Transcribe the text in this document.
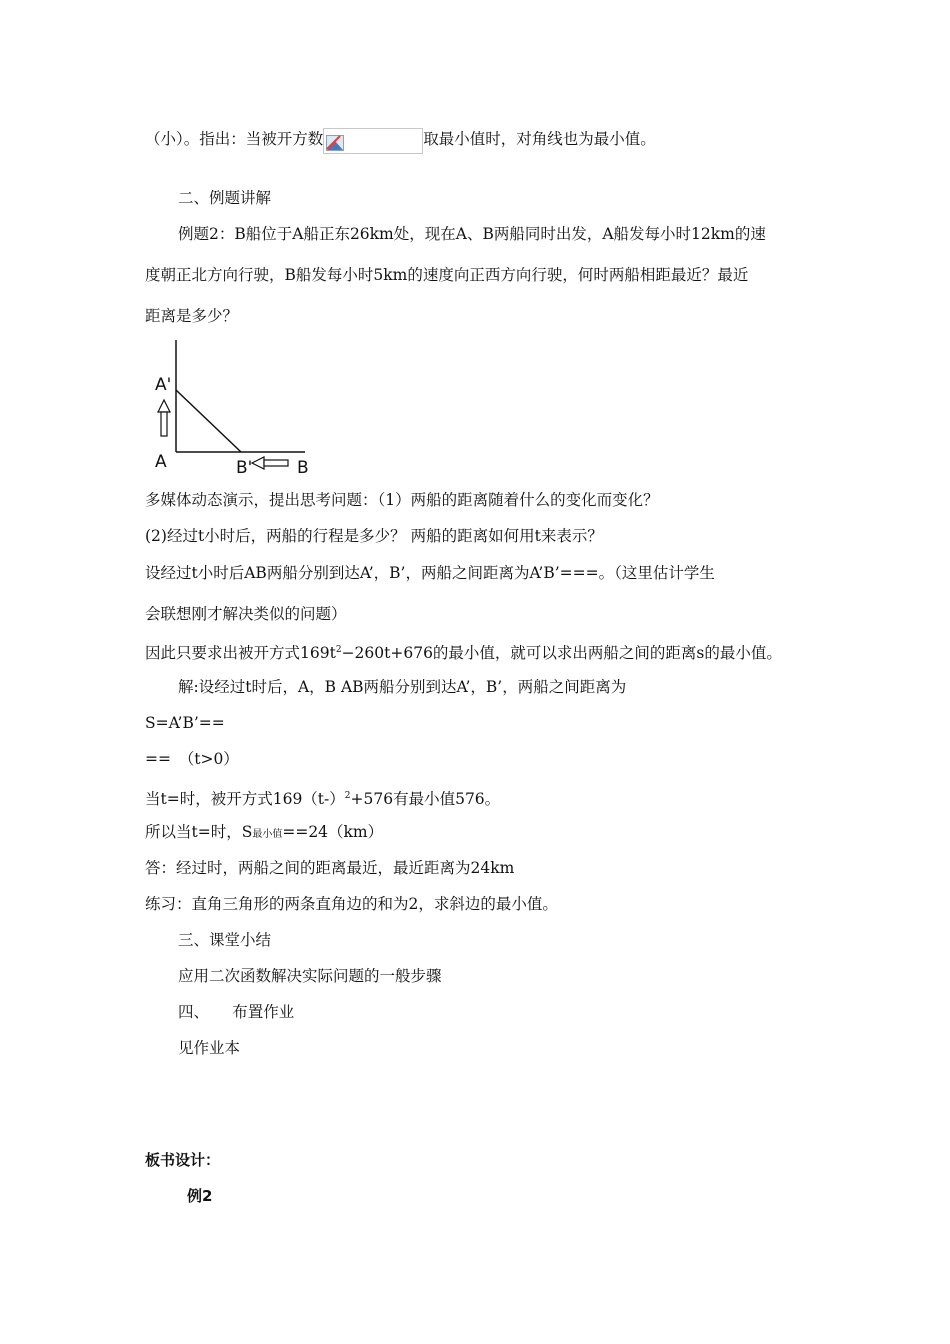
（小）。指出：当被开方数	取最小值时，对角线也为最小值。

二、例题讲解

例题2：B船位于A船正东26km处，现在A、B两船同时出发，A船发每小时12km的速

度朝正北方向行驶，B船发每小时5km的速度向正西方向行驶，何时两船相距最近？最近

距离是多少？

A'
A	B'	B

多媒体动态演示，提出思考问题：（1）两船的距离随着什么的变化而变化？

(2)经过t小时后，两船的行程是多少？ 两船的距离如何用t来表示？

设经过t小时后AB两船分别到达A’，B’，两船之间距离为A’B’===。（这里估计学生

会联想刚才解决类似的问题）

因此只要求出被开方式$169t^2-260t+676$的最小值，就可以求出两船之间的距离s的最小值。

解:设经过t时后，A，B AB两船分别到达A’，B’，两船之间距离为

S=A’B’==

==　（t>0）

当t=时，被开方式$169(t-)^2+576$有最小值576。

所以当t=时，S最小值==24（km）

答：经过时，两船之间的距离最近，最近距离为24km

练习：直角三角形的两条直角边的和为2，求斜边的最小值。

三、课堂小结

应用二次函数解决实际问题的一般步骤

四、　　布置作业

见作业本

板书设计：

例2
